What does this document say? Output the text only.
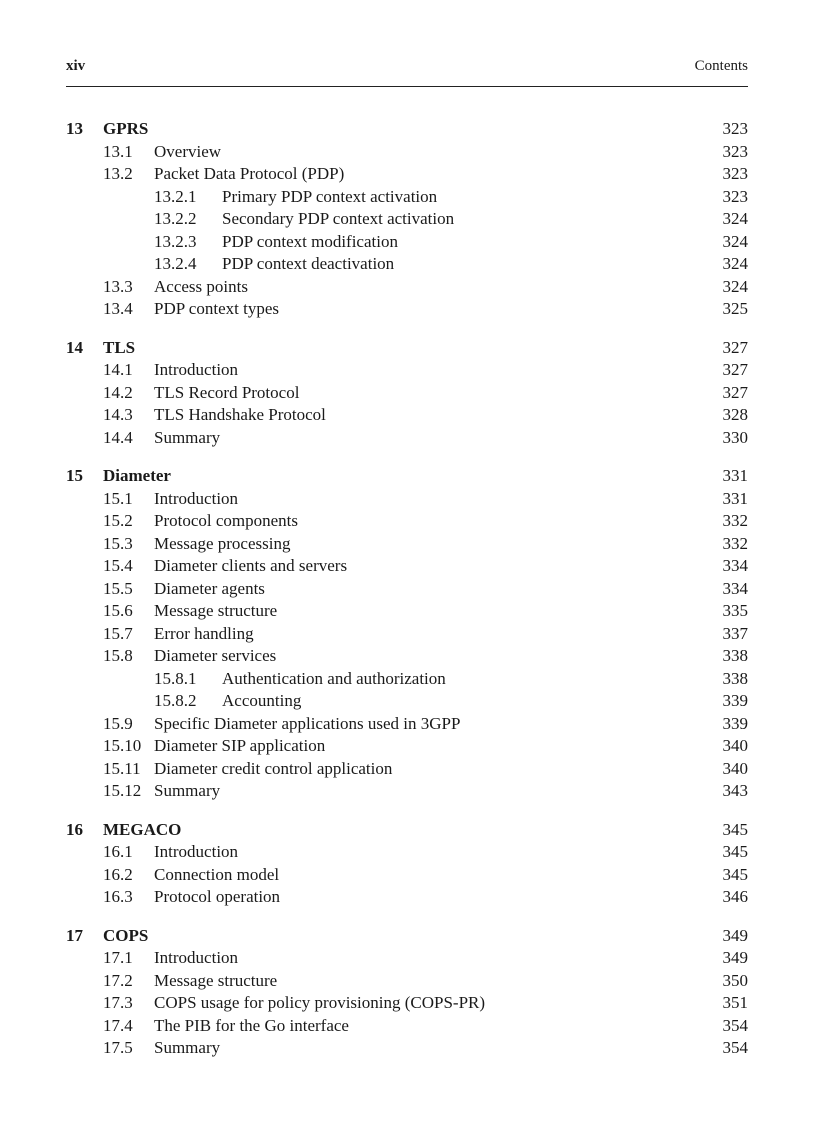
xiv	Contents
13	GPRS	323
13.1 Overview	323
13.2 Packet Data Protocol (PDP)	323
13.2.1 Primary PDP context activation	323
13.2.2 Secondary PDP context activation	324
13.2.3 PDP context modification	324
13.2.4 PDP context deactivation	324
13.3 Access points	324
13.4 PDP context types	325
14	TLS	327
14.1 Introduction	327
14.2 TLS Record Protocol	327
14.3 TLS Handshake Protocol	328
14.4 Summary	330
15	Diameter	331
15.1 Introduction	331
15.2 Protocol components	332
15.3 Message processing	332
15.4 Diameter clients and servers	334
15.5 Diameter agents	334
15.6 Message structure	335
15.7 Error handling	337
15.8 Diameter services	338
15.8.1 Authentication and authorization	338
15.8.2 Accounting	339
15.9 Specific Diameter applications used in 3GPP	339
15.10 Diameter SIP application	340
15.11 Diameter credit control application	340
15.12 Summary	343
16	MEGACO	345
16.1 Introduction	345
16.2 Connection model	345
16.3 Protocol operation	346
17	COPS	349
17.1 Introduction	349
17.2 Message structure	350
17.3 COPS usage for policy provisioning (COPS-PR)	351
17.4 The PIB for the Go interface	354
17.5 Summary	354
